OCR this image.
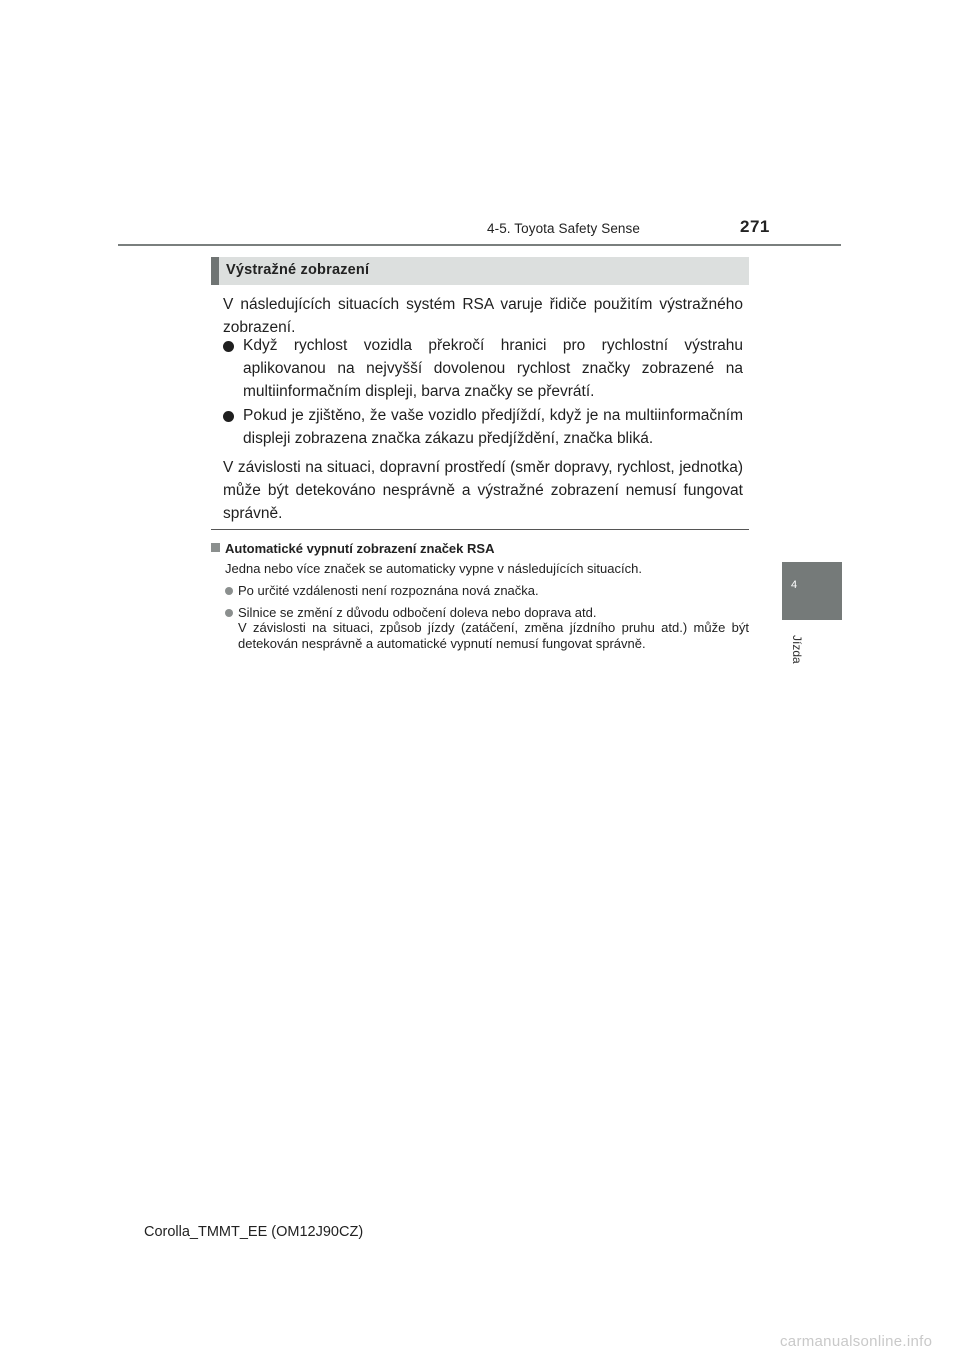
4-5. Toyota Safety Sense	271
4
Jízda
Výstražné zobrazení
V následujících situacích systém RSA varuje řidiče použitím výstražného zobrazení.
Když rychlost vozidla překročí hranici pro rychlostní výstrahu aplikovanou na nejvyšší dovolenou rychlost značky zobrazené na multiinformačním displeji, barva značky se převrátí.
Pokud je zjištěno, že vaše vozidlo předjíždí, když je na multiinformačním displeji zobrazena značka zákazu předjíždění, značka bliká.
V závislosti na situaci, dopravní prostředí (směr dopravy, rychlost, jednotka) může být detekováno nesprávně a výstražné zobrazení nemusí fungovat správně.
Automatické vypnutí zobrazení značek RSA
Jedna nebo více značek se automaticky vypne v následujících situacích.
Po určité vzdálenosti není rozpoznána nová značka.
Silnice se změní z důvodu odbočení doleva nebo doprava atd.
V závislosti na situaci, způsob jízdy (zatáčení, změna jízdního pruhu atd.) může být detekován nesprávně a automatické vypnutí nemusí fungovat správně.
Corolla_TMMT_EE (OM12J90CZ)
carmanualsonline.info
